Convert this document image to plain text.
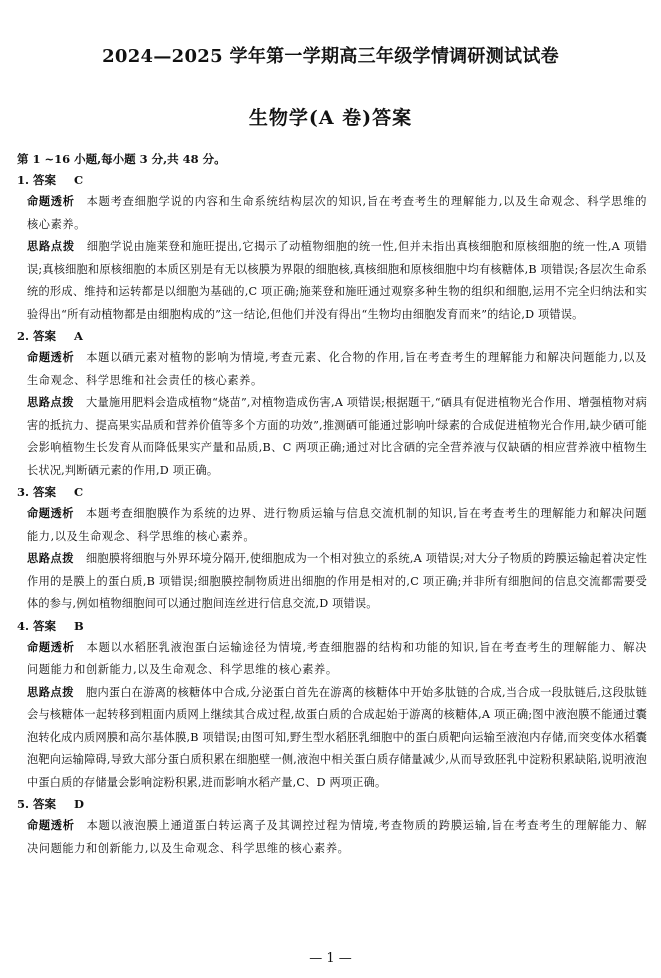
2024—2025 学年第一学期高三年级学情调研测试试卷
生物学(A 卷)答案
第 1 ~16 小题,每小题 3 分,共 48 分。
1. 答案 C
命题透析 本题考查细胞学说的内容和生命系统结构层次的知识,旨在考查考生的理解能力,以及生命观念、科学思维的核心素养。
思路点拨 细胞学说由施莱登和施旺提出,它揭示了动植物细胞的统一性,但并未指出真核细胞和原核细胞的统一性,A 项错误;真核细胞和原核细胞的本质区别是有无以核膜为界限的细胞核,真核细胞和原核细胞中均有核糖体,B 项错误;各层次生命系统的形成、维持和运转都是以细胞为基础的,C 项正确;施莱登和施旺通过观察多种生物的组织和细胞,运用不完全归纳法和实验得出“所有动植物都是由细胞构成的”这一结论,但他们并没有得出“生物均由细胞发育而来”的结论,D 项错误。
2. 答案 A
命题透析 本题以硒元素对植物的影响为情境,考查元素、化合物的作用,旨在考查考生的理解能力和解决问题能力,以及生命观念、科学思维和社会责任的核心素养。
思路点拨 大量施用肥料会造成植物“烧苗”,对植物造成伤害,A 项错误;根据题干,“硒具有促进植物光合作用、增强植物对病害的抵抗力、提高果实品质和营养价值等多个方面的功效”,推测硒可能通过影响叶绿素的合成促进植物光合作用,缺少硒可能会影响植物生长发育从而降低果实产量和品质,B、C 两项正确;通过对比含硒的完全营养液与仅缺硒的相应营养液中植物生长状况,判断硒元素的作用,D 项正确。
3. 答案 C
命题透析 本题考查细胞膜作为系统的边界、进行物质运输与信息交流机制的知识,旨在考查考生的理解能力和解决问题能力,以及生命观念、科学思维的核心素养。
思路点拨 细胞膜将细胞与外界环境分隔开,使细胞成为一个相对独立的系统,A 项错误;对大分子物质的跨膜运输起着决定性作用的是膜上的蛋白质,B 项错误;细胞膜控制物质进出细胞的作用是相对的,C 项正确;并非所有细胞间的信息交流都需要受体的参与,例如植物细胞间可以通过胞间连丝进行信息交流,D 项错误。
4. 答案 B
命题透析 本题以水稻胚乳液泡蛋白运输途径为情境,考查细胞器的结构和功能的知识,旨在考查考生的理解能力、解决问题能力和创新能力,以及生命观念、科学思维的核心素养。
思路点拨 胞内蛋白在游离的核糖体中合成,分泌蛋白首先在游离的核糖体中开始多肽链的合成,当合成一段肽链后,这段肽链会与核糖体一起转移到粗面内质网上继续其合成过程,故蛋白质的合成起始于游离的核糖体,A 项正确;图中液泡膜不能通过囊泡转化成内质网膜和高尔基体膜,B 项错误;由图可知,野生型水稻胚乳细胞中的蛋白质靶向运输至液泡内存储,而突变体水稻囊泡靶向运输障碍,导致大部分蛋白质积累在细胞壁一侧,液泡中相关蛋白质存储量减少,从而导致胚乳中淀粉积累缺陷,说明液泡中蛋白质的存储量会影响淀粉积累,进而影响水稻产量,C、D 两项正确。
5. 答案 D
命题透析 本题以液泡膜上通道蛋白转运离子及其调控过程为情境,考查物质的跨膜运输,旨在考查考生的理解能力、解决问题能力和创新能力,以及生命观念、科学思维的核心素养。
— 1 —
